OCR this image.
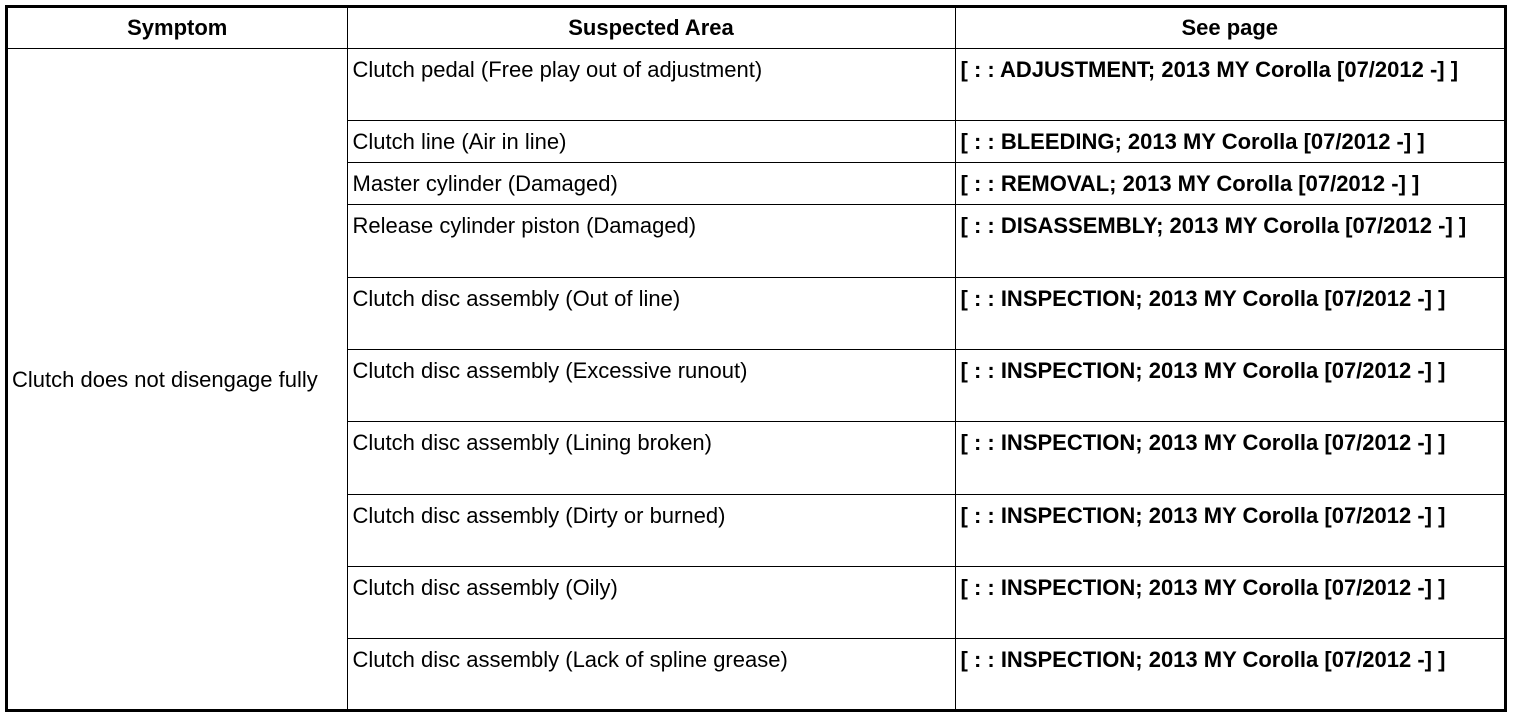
Symptom	Suspected Area	See page
Clutch does not disengage fully	Clutch pedal (Free play out of adjustment)	[ : : ADJUSTMENT; 2013 MY Corolla [07/2012 -] ]
	Clutch line (Air in line)	[ : : BLEEDING; 2013 MY Corolla [07/2012 -] ]
	Master cylinder (Damaged)	[ : : REMOVAL; 2013 MY Corolla [07/2012 -] ]
	Release cylinder piston (Damaged)	[ : : DISASSEMBLY; 2013 MY Corolla [07/2012 -] ]
	Clutch disc assembly (Out of line)	[ : : INSPECTION; 2013 MY Corolla [07/2012 -] ]
	Clutch disc assembly (Excessive runout)	[ : : INSPECTION; 2013 MY Corolla [07/2012 -] ]
	Clutch disc assembly (Lining broken)	[ : : INSPECTION; 2013 MY Corolla [07/2012 -] ]
	Clutch disc assembly (Dirty or burned)	[ : : INSPECTION; 2013 MY Corolla [07/2012 -] ]
	Clutch disc assembly (Oily)	[ : : INSPECTION; 2013 MY Corolla [07/2012 -] ]
	Clutch disc assembly (Lack of spline grease)	[ : : INSPECTION; 2013 MY Corolla [07/2012 -] ]
